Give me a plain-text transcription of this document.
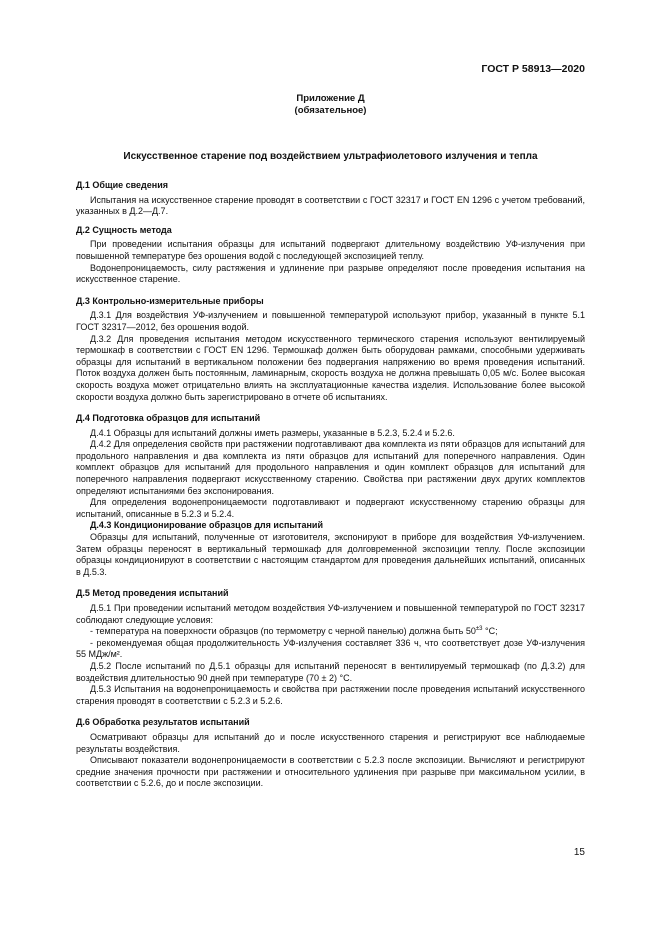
ГОСТ Р 58913—2020
Приложение Д
(обязательное)
Искусственное старение под воздействием ультрафиолетового излучения и тепла
Д.1 Общие сведения

Испытания на искусственное старение проводят в соответствии с ГОСТ 32317 и ГОСТ EN 1296 с учетом требований, указанных в Д.2—Д.7.

Д.2 Сущность метода

При проведении испытания образцы для испытаний подвергают длительному воздействию УФ-излучения при повышенной температуре без орошения водой с последующей экспозицией теплу.

Водонепроницаемость, силу растяжения и удлинение при разрыве определяют после проведения испытания на искусственное старение.

Д.3 Контрольно-измерительные приборы

Д.3.1 Для воздействия УФ-излучением и повышенной температурой используют прибор, указанный в пункте 5.1 ГОСТ 32317—2012, без орошения водой.

Д.3.2 Для проведения испытания методом искусственного термического старения используют вентилируемый термошкаф в соответствии с ГОСТ EN 1296. Термошкаф должен быть оборудован рамками, способными удерживать образцы для испытаний в вертикальном положении без подвергания напряжению во время проведения испытаний. Поток воздуха должен быть постоянным, ламинарным, скорость воздуха не должна превышать 0,05 м/с. Более высокая скорость воздуха может отрицательно влиять на эксплуатационные качества изделия. Использование более высокой скорости воздуха должно быть зарегистрировано в отчете об испытаниях.

Д.4 Подготовка образцов для испытаний

Д.4.1 Образцы для испытаний должны иметь размеры, указанные в 5.2.3, 5.2.4 и 5.2.6.

Д.4.2 Для определения свойств при растяжении подготавливают два комплекта из пяти образцов для испытаний для продольного направления и два комплекта из пяти образцов для испытаний для поперечного направления. Один комплект образцов для испытаний для продольного направления и один комплект образцов для испытаний для поперечного направления подвергают искусственному старению. Свойства при растяжении двух других комплектов определяют испытаниями без экспонирования.

Для определения водонепроницаемости подготавливают и подвергают искусственному старению образцы для испытаний, описанные в 5.2.3 и 5.2.4.

Д.4.3 Кондиционирование образцов для испытаний

Образцы для испытаний, полученные от изготовителя, экспонируют в приборе для воздействия УФ-излучением. Затем образцы переносят в вертикальный термошкаф для долговременной экспозиции теплу. После экспозиции образцы кондиционируют в соответствии с настоящим стандартом для проведения дальнейших испытаний, описанных в Д.5.3.

Д.5 Метод проведения испытаний

Д.5.1 При проведении испытаний методом воздействия УФ-излучением и повышенной температурой по ГОСТ 32317 соблюдают следующие условия:

- температура на поверхности образцов (по термометру с черной панелью) должна быть $50^{\pm 3}$ °C;

- рекомендуемая общая продолжительность УФ-излучения составляет 336 ч, что соответствует дозе УФ-излучения 55 МДж/м².

Д.5.2 После испытаний по Д.5.1 образцы для испытаний переносят в вентилируемый термошкаф (по Д.3.2) для воздействия длительностью 90 дней при температуре (70 ± 2) °C.

Д.5.3 Испытания на водонепроницаемость и свойства при растяжении после проведения испытаний искусственного старения проводят в соответствии с 5.2.3 и 5.2.6.

Д.6 Обработка результатов испытаний

Осматривают образцы для испытаний до и после искусственного старения и регистрируют все наблюдаемые результаты воздействия.

Описывают показатели водонепроницаемости в соответствии с 5.2.3 после экспозиции. Вычисляют и регистрируют средние значения прочности при растяжении и относительного удлинения при разрыве при максимальном усилии, в соответствии с 5.2.6, до и после экспозиции.

15
